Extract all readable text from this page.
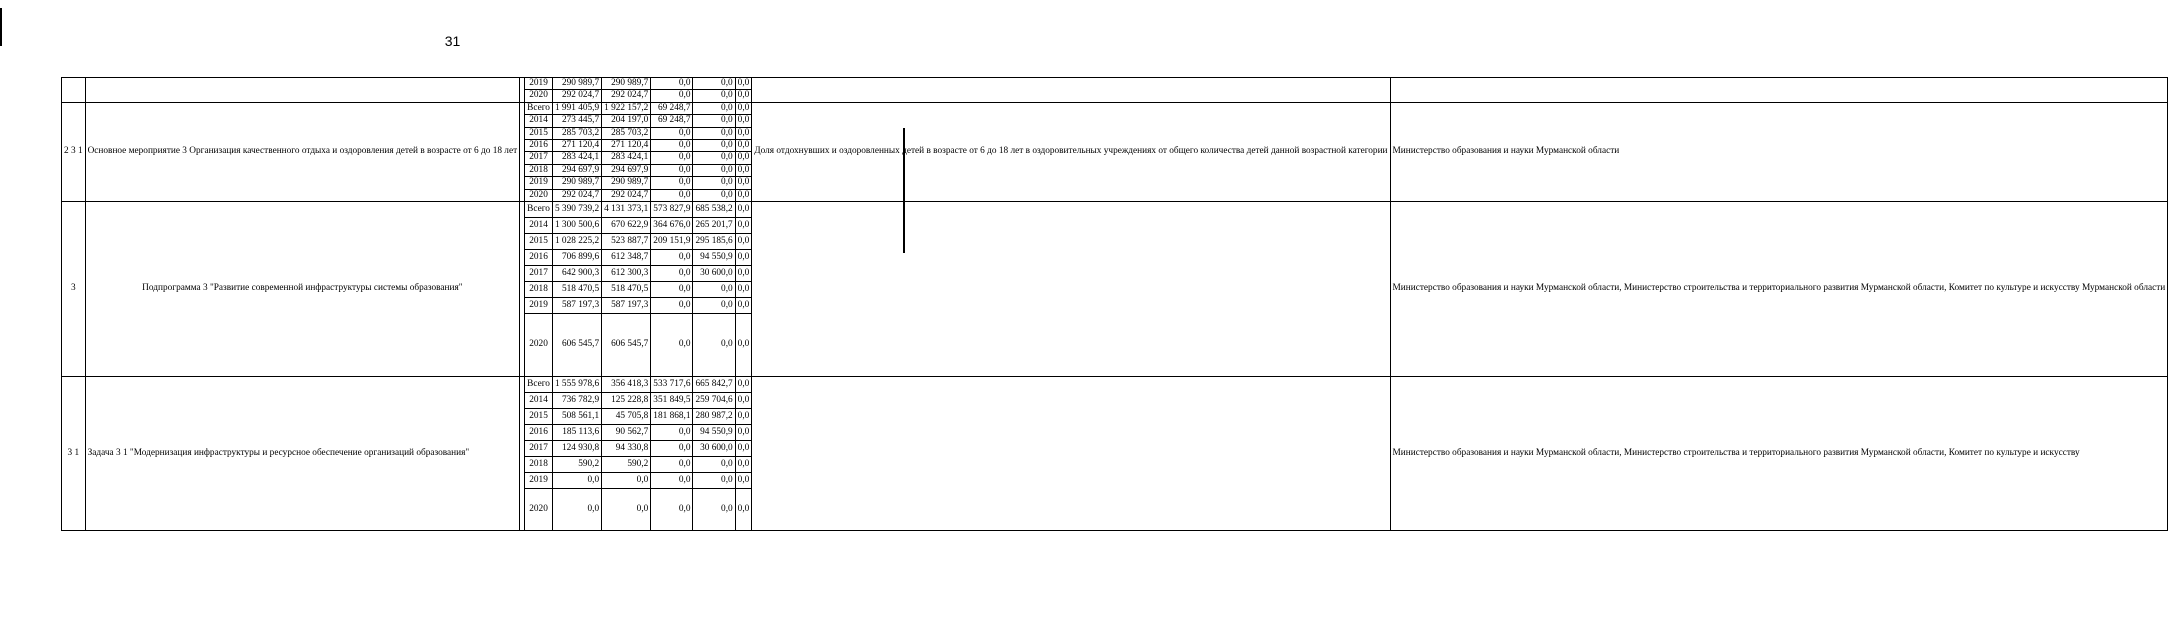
31
			2019	290 989,7	290 989,7	0,0	0,0	0,0		
			2020	292 024,7	292 024,7	0,0	0,0	0,0		
2 3 1	Основное мероприятие 3 Организация качественного отдыха и оздоровления детей в возрасте от 6 до 18 лет		Всего	1 991 405,9	1 922 157,2	69 248,7	0,0	0,0	Доля отдохнувших и оздоровленных детей в возрасте от 6 до 18 лет в оздоровительных учреждениях от общего количества детей данной возрастной категории	Министерство образования и науки Мурманской области
			2014	273 445,7	204 197,0	69 248,7	0,0	0,0		
			2015	285 703,2	285 703,2	0,0	0,0	0,0		
			2016	271 120,4	271 120,4	0,0	0,0	0,0		
			2017	283 424,1	283 424,1	0,0	0,0	0,0		
			2018	294 697,9	294 697,9	0,0	0,0	0,0		
			2019	290 989,7	290 989,7	0,0	0,0	0,0		
			2020	292 024,7	292 024,7	0,0	0,0	0,0		
3	Подпрограмма 3 "Развитие современной инфраструктуры системы образования"		Всего	5 390 739,2	4 131 373,1	573 827,9	685 538,2	0,0		Министерство образования и науки Мурманской области, Министерство строительства и территориального развития Мурманской области, Комитет по культуре и искусству Мурманской области
			2014	1 300 500,6	670 622,9	364 676,0	265 201,7	0,0		
			2015	1 028 225,2	523 887,7	209 151,9	295 185,6	0,0		
			2016	706 899,6	612 348,7	0,0	94 550,9	0,0		
			2017	642 900,3	612 300,3	0,0	30 600,0	0,0		
			2018	518 470,5	518 470,5	0,0	0,0	0,0		
			2019	587 197,3	587 197,3	0,0	0,0	0,0		
			2020	606 545,7	606 545,7	0,0	0,0	0,0		
3 1	Задача 3 1 "Модернизация инфраструктуры и ресурсное обеспечение организаций образования"		Всего	1 555 978,6	356 418,3	533 717,6	665 842,7	0,0		Министерство образования и науки Мурманской области, Министерство строительства и территориального развития Мурманской области, Комитет по культуре и искусству
			2014	736 782,9	125 228,8	351 849,5	259 704,6	0,0		
			2015	508 561,1	45 705,8	181 868,1	280 987,2	0,0		
			2016	185 113,6	90 562,7	0,0	94 550,9	0,0		
			2017	124 930,8	94 330,8	0,0	30 600,0	0,0		
			2018	590,2	590,2	0,0	0,0	0,0		
			2019	0,0	0,0	0,0	0,0	0,0		
			2020	0,0	0,0	0,0	0,0	0,0		
